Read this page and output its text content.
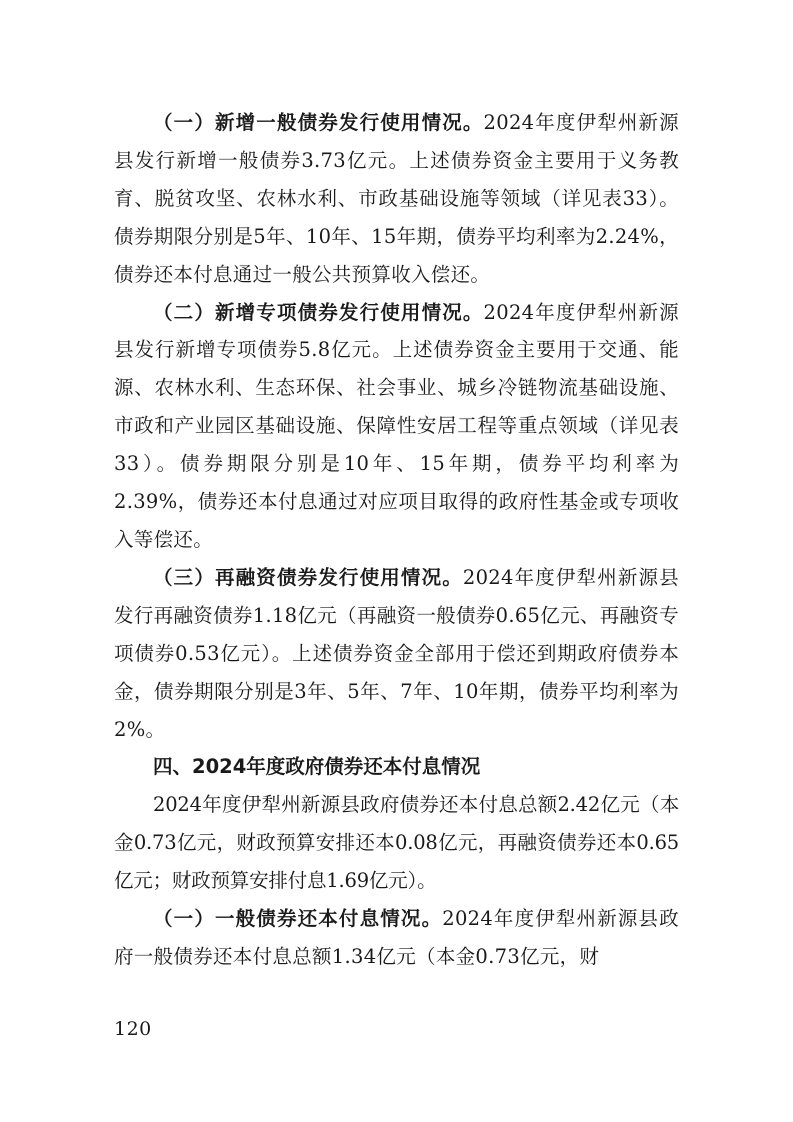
（一）新增一般债券发行使用情况。2024年度伊犁州新源县发行新增一般债券3.73亿元。上述债券资金主要用于义务教育、脱贫攻坚、农林水利、市政基础设施等领域（详见表33）。债券期限分别是5年、10年、15年期，债券平均利率为2.24%，债券还本付息通过一般公共预算收入偿还。

（二）新增专项债券发行使用情况。2024年度伊犁州新源县发行新增专项债券5.8亿元。上述债券资金主要用于交通、能源、农林水利、生态环保、社会事业、城乡冷链物流基础设施、市政和产业园区基础设施、保障性安居工程等重点领域（详见表33）。债券期限分别是10年、15年期，债券平均利率为2.39%，债券还本付息通过对应项目取得的政府性基金或专项收入等偿还。

（三）再融资债券发行使用情况。2024年度伊犁州新源县发行再融资债券1.18亿元（再融资一般债券0.65亿元、再融资专项债券0.53亿元）。上述债券资金全部用于偿还到期政府债券本金，债券期限分别是3年、5年、7年、10年期，债券平均利率为2%。

四、2024年度政府债券还本付息情况

2024年度伊犁州新源县政府债券还本付息总额2.42亿元（本金0.73亿元，财政预算安排还本0.08亿元，再融资债券还本0.65亿元；财政预算安排付息1.69亿元）。

（一）一般债券还本付息情况。2024年度伊犁州新源县政府一般债券还本付息总额1.34亿元（本金0.73亿元，财

120
